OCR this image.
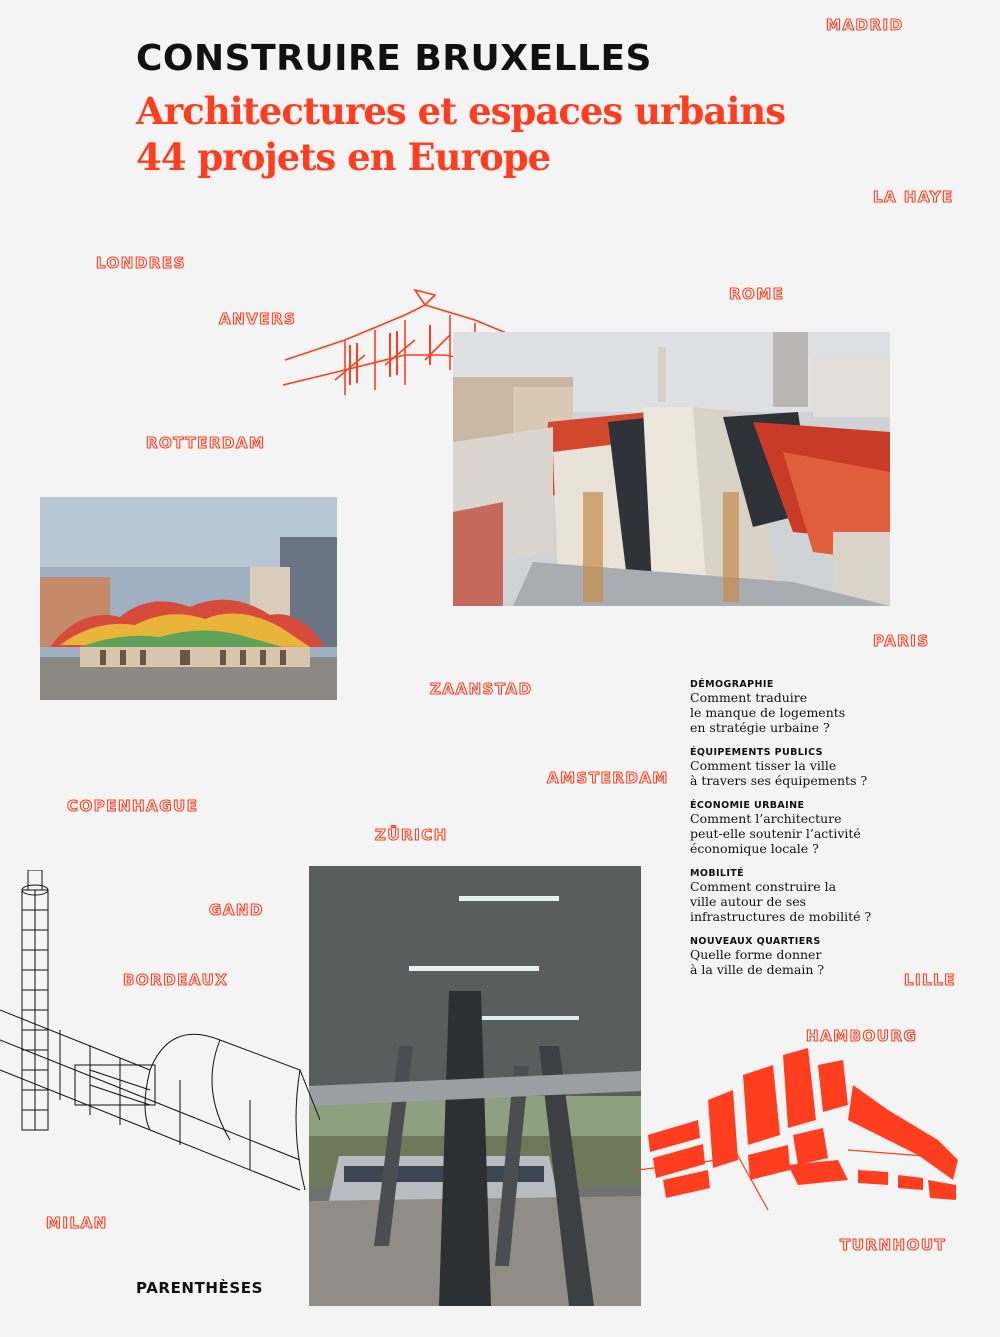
CONSTRUIRE BRUXELLES
Architectures et espaces urbains
44 projets en Europe
MADRID
LA HAYE
LONDRES
ANVERS
ROME
ROTTERDAM
PARIS
ZAANSTAD
AMSTERDAM
COPENHAGUE
ZÜRICH
GAND
BORDEAUX	LILLE
HAMBOURG
MILAN
TURNHOUT
DÉMOGRAPHIE
Comment traduire
le manque de logements
en stratégie urbaine ?
ÉQUIPEMENTS PUBLICS
Comment tisser la ville
à travers ses équipements ?
ÉCONOMIE URBAINE
Comment l’architecture
peut-elle soutenir l’activité
économique locale ?
MOBILITÉ
Comment construire la
ville autour de ses
infrastructures de mobilité ?
NOUVEAUX QUARTIERS
Quelle forme donner
à la ville de demain ?
PARENTHÈSES
